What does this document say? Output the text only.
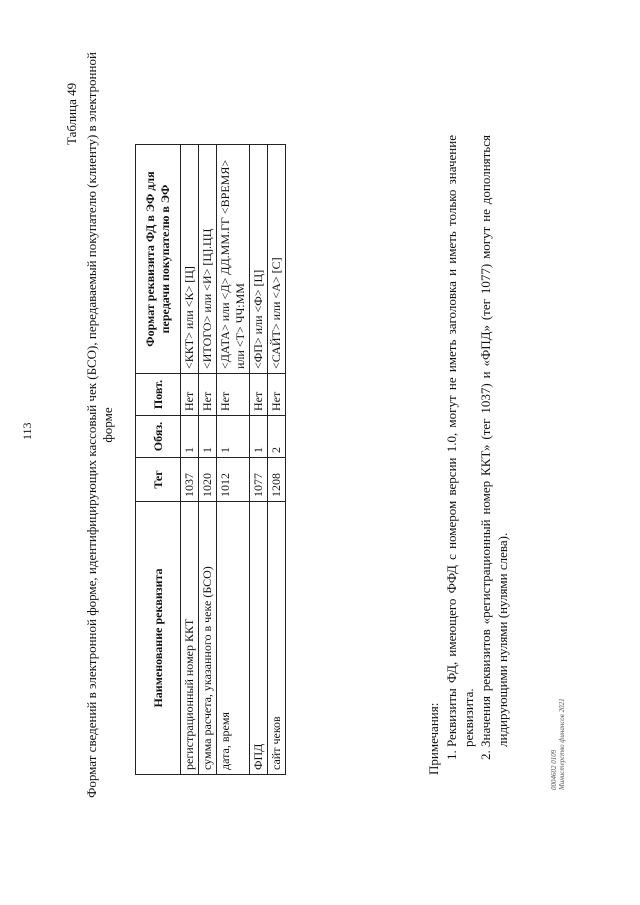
113
Таблица 49 Формат сведений в электронной форме, идентифицирующих кассовый чек (БСО), передаваемый покупателю (клиенту) в электронной форме
Наименование реквизита	Тег	Обяз.	Повт.	Формат реквизита ФД в ЭФ для передачи покупателю в ЭФ
регистрационный номер ККТ	1037	1	Нет	<ККТ> или <К> [Ц]
сумма расчета, указанного в чеке (БСО)	1020	1	Нет	<ИТОГО> или <И> [Ц].ЦЦ
дата, время	1012	1	Нет	<ДАТА> или <Д> ДД.ММ.ГГ <ВРЕМЯ> или <Т> ЧЧ:ММ
ФПД	1077	1	Нет	<ФП> или <Ф> [Ц]
сайт чеков	1208	2	Нет	<САЙТ> или <А> [С]
Примечания: 1. Реквизиты ФД, имеющего ФФД с номером версии 1.0, могут не иметь заголовка и иметь только значение реквизита. 2. Значения реквизитов «регистрационный номер ККТ» (тег 1037) и «ФПД» (тег 1077) могут не дополняться лидирующими нулями (нулями слева).
0004602 0109 Министерство финансов 2021
